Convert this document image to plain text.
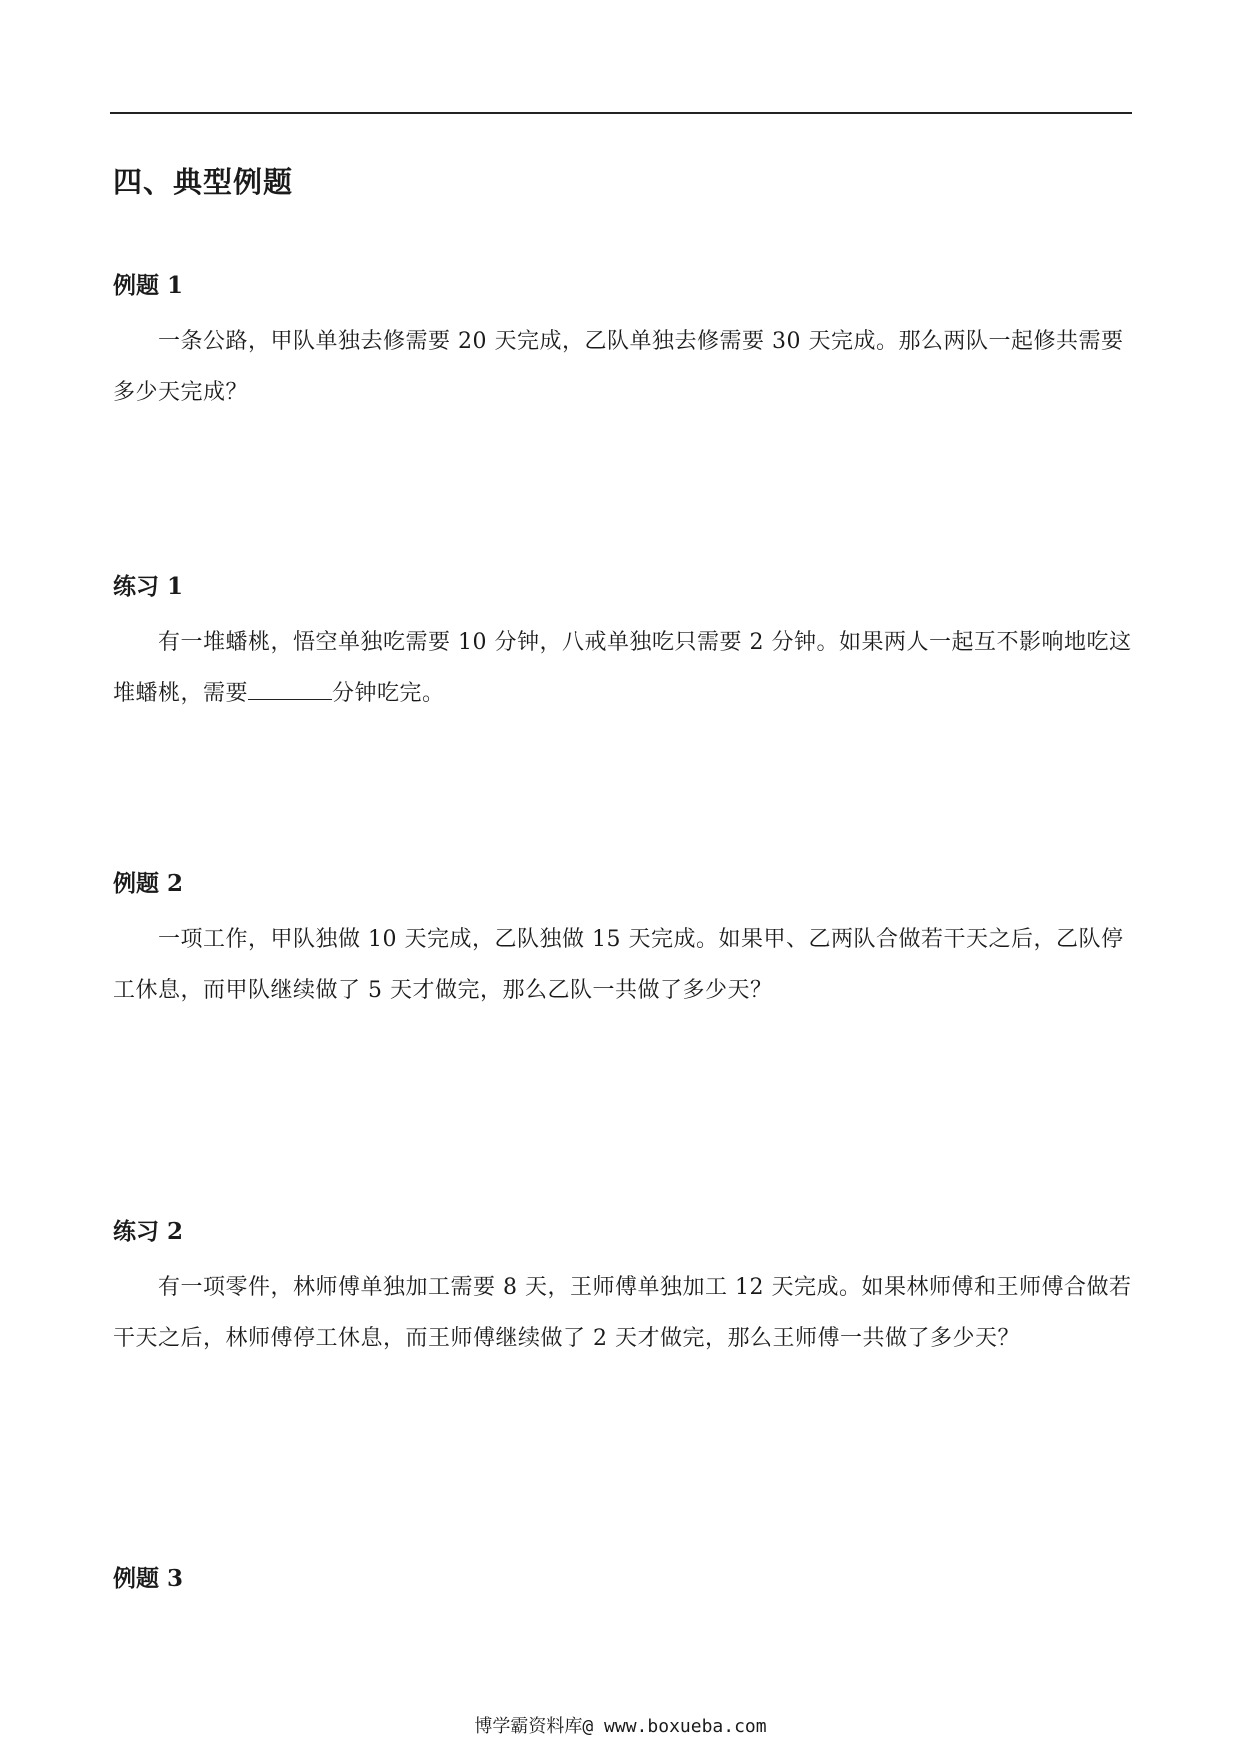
四、典型例题
例题 1

一条公路，甲队单独去修需要 20 天完成，乙队单独去修需要 30 天完成。那么两队一起修共需要多少天完成？

练习 1

有一堆蟠桃，悟空单独吃需要 10 分钟，八戒单独吃只需要 2 分钟。如果两人一起互不影响地吃这堆蟠桃，需要	分钟吃完。

例题 2

一项工作，甲队独做 10 天完成，乙队独做 15 天完成。如果甲、乙两队合做若干天之后，乙队停工休息，而甲队继续做了 5 天才做完，那么乙队一共做了多少天？

练习 2

有一项零件，林师傅单独加工需要 8 天，王师傅单独加工 12 天完成。如果林师傅和王师傅合做若干天之后，林师傅停工休息，而王师傅继续做了 2 天才做完，那么王师傅一共做了多少天？

例题 3
博学霸资料库@ www.boxueba.com
